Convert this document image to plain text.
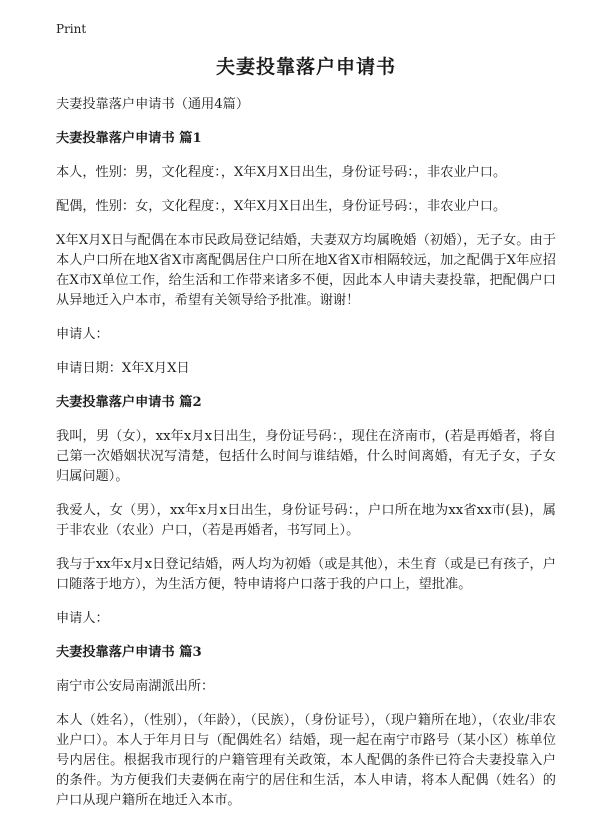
Print
夫妻投靠落户申请书

夫妻投靠落户申请书（通用4篇）

夫妻投靠落户申请书 篇1

本人，性别：男，文化程度：，X年X月X日出生，身份证号码：，非农业户口。

配偶，性别：女，文化程度：，X年X月X日出生，身份证号码：，非农业户口。

X年X月X日与配偶在本市民政局登记结婚，夫妻双方均属晚婚（初婚），无子女。由于本人户口所在地X省X市离配偶居住户口所在地X省X市相隔较远，加之配偶于X年应招在X市X单位工作，给生活和工作带来诸多不便，因此本人申请夫妻投靠，把配偶户口从异地迁入户本市，希望有关领导给予批准。谢谢！

申请人：

申请日期：X年X月X日

夫妻投靠落户申请书 篇2

我叫，男（女），xx年x月x日出生，身份证号码：，现住在济南市，(若是再婚者，将自己第一次婚姻状况写清楚，包括什么时间与谁结婚，什么时间离婚，有无子女，子女归属问题）。

我爱人，女（男），xx年x月x日出生，身份证号码：，户口所在地为xx省xx市(县)，属于非农业（农业）户口，（若是再婚者，书写同上）。

我与于xx年x月x日登记结婚，两人均为初婚（或是其他），未生育（或是已有孩子，户口随落于地方），为生活方便，特申请将户口落于我的户口上，望批准。

申请人：

夫妻投靠落户申请书 篇3

南宁市公安局南湖派出所：

本人（姓名），（性别），（年龄），（民族），（身份证号），（现户籍所在地），（农业/非农业户口）。本人于年月日与（配偶姓名）结婚，现一起在南宁市路号（某小区）栋单位号内居住。根据我市现行的户籍管理有关政策，本人配偶的条件已符合夫妻投靠入户的条件。为方便我们夫妻俩在南宁的居住和生活，本人申请，将本人配偶（姓名）的户口从现户籍所在地迁入本市。
